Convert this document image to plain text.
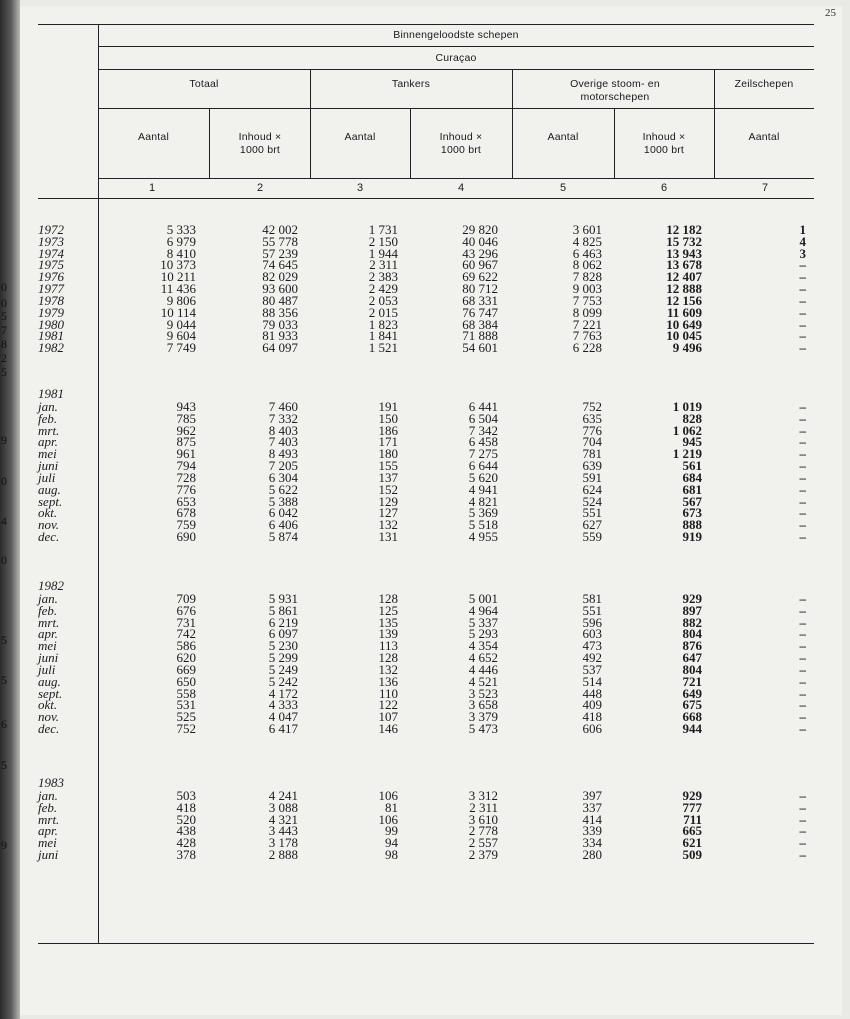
25
0
0
5
7
8
2
5
9
0
4
0
5
5
6
5
9
Binnengeloodste schepen
Curaçao
Totaal	Tankers	Overige stoom- en motorschepen
Zeilschepen
Aantal	Inhoud × 1000 brt
Aantal	Inhoud × 1000 brt
Aantal	Inhoud × 1000 brt
Aantal
1	2	3	4	5	6	7
1972	5 333	42 002	1 731	29 820	3 601	12 182	1
1973	6 979	55 778	2 150	40 046	4 825	15 732	4
1974	8 410	57 239	1 944	43 296	6 463	13 943	3
1975	10 373	74 645	2 311	60 967	8 062	13 678	–
1976	10 211	82 029	2 383	69 622	7 828	12 407	–
1977	11 436	93 600	2 429	80 712	9 003	12 888	–
1978	9 806	80 487	2 053	68 331	7 753	12 156	–
1979	10 114	88 356	2 015	76 747	8 099	11 609	–
1980	9 044	79 033	1 823	68 384	7 221	10 649	–
1981	9 604	81 933	1 841	71 888	7 763	10 045	–
1982	7 749	64 097	1 521	54 601	6 228	9 496	–
1981
jan.	943	7 460	191	6 441	752	1 019	–
feb.	785	7 332	150	6 504	635	828	–
mrt.	962	8 403	186	7 342	776	1 062	–
apr.	875	7 403	171	6 458	704	945	–
mei	961	8 493	180	7 275	781	1 219	–
juni	794	7 205	155	6 644	639	561	–
juli	728	6 304	137	5 620	591	684	–
aug.	776	5 622	152	4 941	624	681	–
sept.	653	5 388	129	4 821	524	567	–
okt.	678	6 042	127	5 369	551	673	–
nov.	759	6 406	132	5 518	627	888	–
dec.	690	5 874	131	4 955	559	919	–
1982
jan.	709	5 931	128	5 001	581	929	–
feb.	676	5 861	125	4 964	551	897	–
mrt.	731	6 219	135	5 337	596	882	–
apr.	742	6 097	139	5 293	603	804	–
mei	586	5 230	113	4 354	473	876	–
juni	620	5 299	128	4 652	492	647	–
juli	669	5 249	132	4 446	537	804	–
aug.	650	5 242	136	4 521	514	721	–
sept.	558	4 172	110	3 523	448	649	–
okt.	531	4 333	122	3 658	409	675	–
nov.	525	4 047	107	3 379	418	668	–
dec.	752	6 417	146	5 473	606	944	–
1983
jan.	503	4 241	106	3 312	397	929	–
feb.	418	3 088	81	2 311	337	777	–
mrt.	520	4 321	106	3 610	414	711	–
apr.	438	3 443	99	2 778	339	665	–
mei	428	3 178	94	2 557	334	621	–
juni	378	2 888	98	2 379	280	509	–
